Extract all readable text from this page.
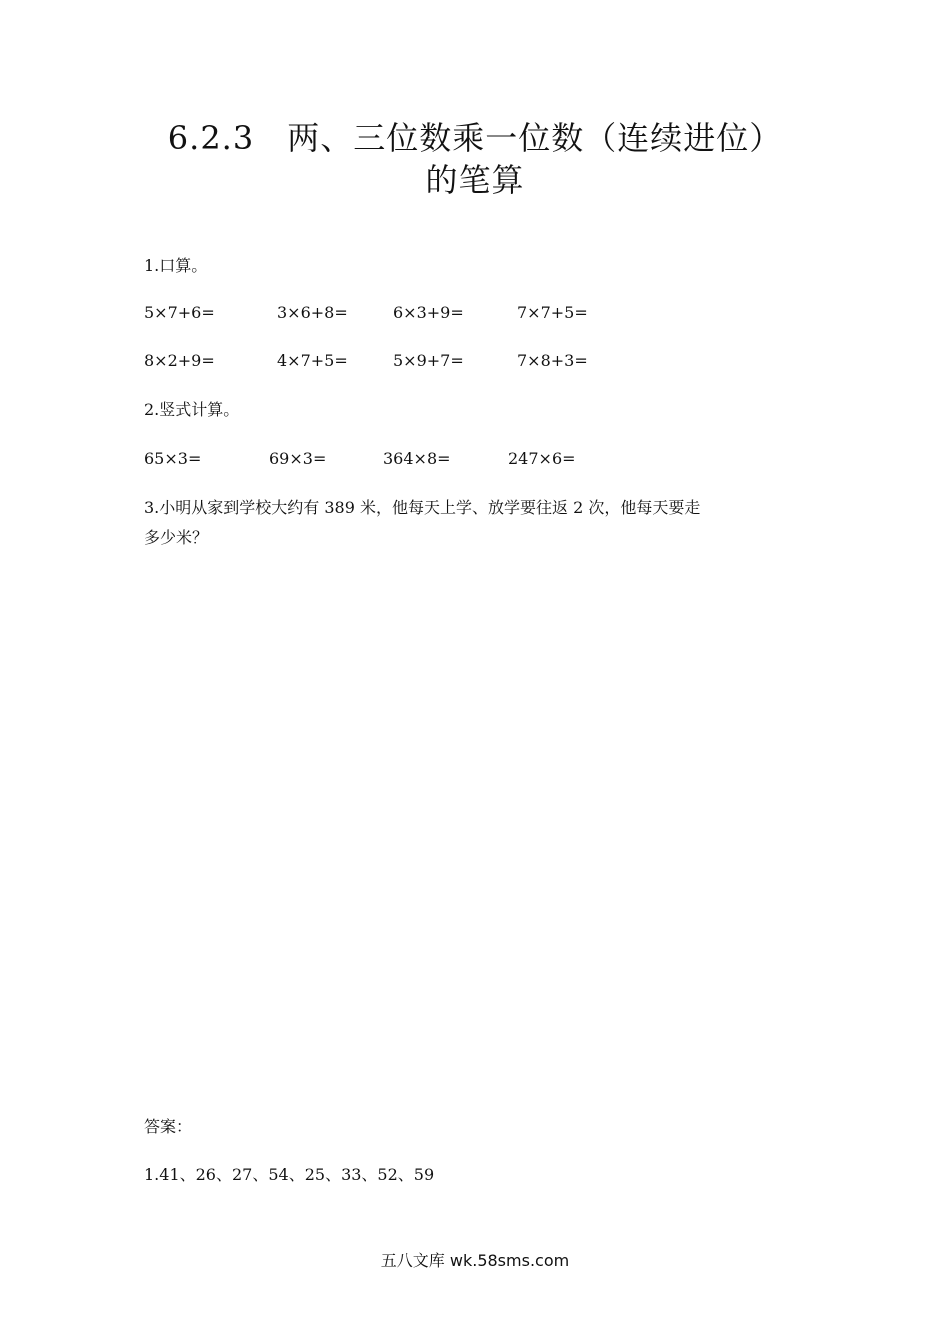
6.2.3　两、三位数乘一位数（连续进位）
的笔算
1.口算。
5×7+6=	3×6+8=	6×3+9=	7×7+5=
8×2+9=	4×7+5=	5×9+7=	7×8+3=
2.竖式计算。
65×3=	69×3=	364×8=	247×6=
3.小明从家到学校大约有 389 米，他每天上学、放学要往返 2 次，他每天要走
多少米？
答案：
1.41、26、27、54、25、33、52、59
五八文库 wk.58sms.com
